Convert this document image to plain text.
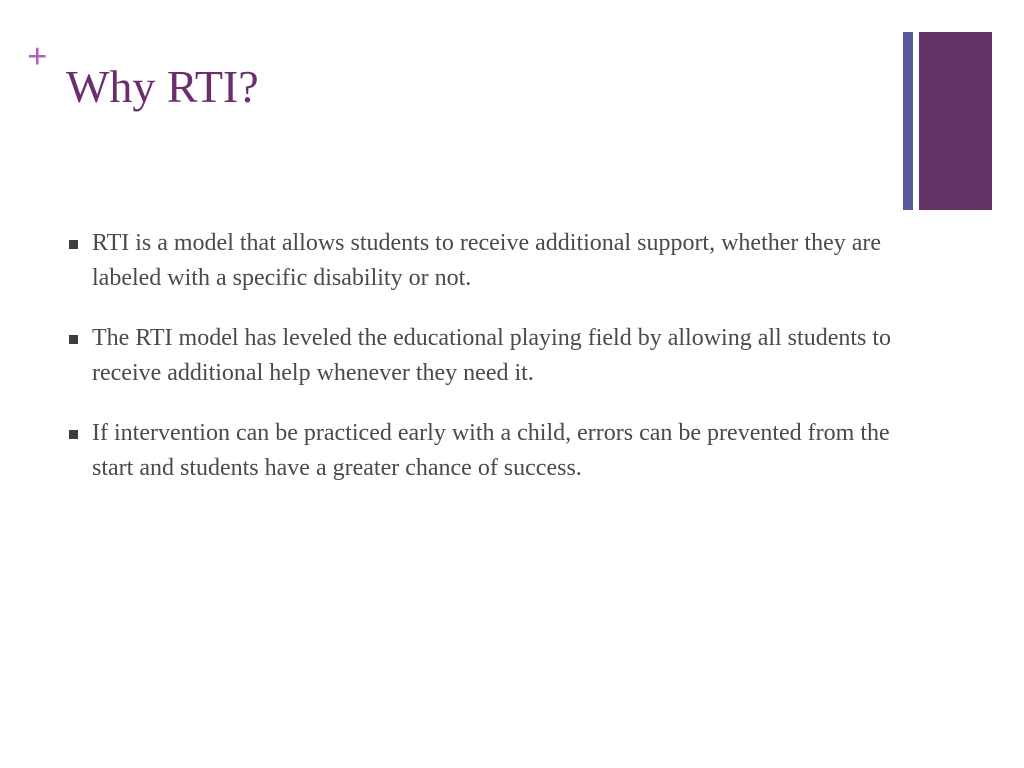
+
Why RTI?
RTI is a model that allows students to receive additional support, whether they are labeled with a specific disability or not.
The RTI model has leveled the educational playing field by allowing all students to receive additional help whenever they need it.
If intervention can be practiced early with a child, errors can be prevented from the start and students have a greater chance of success.
